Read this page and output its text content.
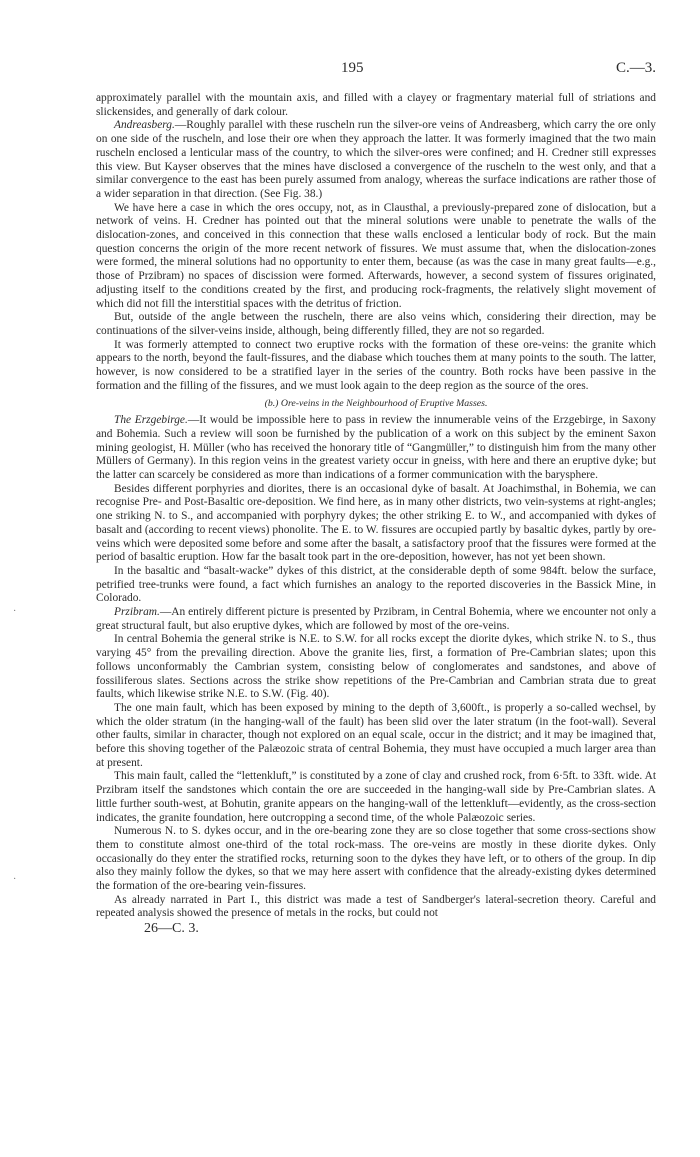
195	C.—3.

approximately parallel with the mountain axis, and filled with a clayey or fragmentary material full of striations and slickensides, and generally of dark colour.

Andreasberg.—Roughly parallel with these ruscheln run the silver-ore veins of Andreasberg, which carry the ore only on one side of the ruscheln, and lose their ore when they approach the latter. It was formerly imagined that the two main ruscheln enclosed a lenticular mass of the country, to which the silver-ores were confined; and H. Credner still expresses this view. But Kayser observes that the mines have disclosed a convergence of the ruscheln to the west only, and that a similar convergence to the east has been purely assumed from analogy, whereas the surface indications are rather those of a wider separation in that direction. (See Fig. 38.)

We have here a case in which the ores occupy, not, as in Clausthal, a previously-prepared zone of dislocation, but a network of veins. H. Credner has pointed out that the mineral solutions were unable to penetrate the walls of the dislocation-zones, and conceived in this connection that these walls enclosed a lenticular body of rock. But the main question concerns the origin of the more recent network of fissures. We must assume that, when the dislocation-zones were formed, the mineral solutions had no opportunity to enter them, because (as was the case in many great faults—e.g., those of Przibram) no spaces of discission were formed. Afterwards, however, a second system of fissures originated, adjusting itself to the conditions created by the first, and producing rock-fragments, the relatively slight movement of which did not fill the interstitial spaces with the detritus of friction.

But, outside of the angle between the ruscheln, there are also veins which, considering their direction, may be continuations of the silver-veins inside, although, being differently filled, they are not so regarded.

It was formerly attempted to connect two eruptive rocks with the formation of these ore-veins: the granite which appears to the north, beyond the fault-fissures, and the diabase which touches them at many points to the south. The latter, however, is now considered to be a stratified layer in the series of the country. Both rocks have been passive in the formation and the filling of the fissures, and we must look again to the deep region as the source of the ores.

(b.) Ore-veins in the Neighbourhood of Eruptive Masses.

The Erzgebirge.—It would be impossible here to pass in review the innumerable veins of the Erzgebirge, in Saxony and Bohemia. Such a review will soon be furnished by the publication of a work on this subject by the eminent Saxon mining geologist, H. Müller (who has received the honorary title of “Gangmüller,” to distinguish him from the many other Müllers of Germany). In this region veins in the greatest variety occur in gneiss, with here and there an eruptive dyke; but the latter can scarcely be considered as more than indications of a former communication with the barysphere.

Besides different porphyries and diorites, there is an occasional dyke of basalt. At Joachimsthal, in Bohemia, we can recognise Pre- and Post-Basaltic ore-deposition. We find here, as in many other districts, two vein-systems at right-angles; one striking N. to S., and accompanied with porphyry dykes; the other striking E. to W., and accompanied with dykes of basalt and (according to recent views) phonolite. The E. to W. fissures are occupied partly by basaltic dykes, partly by ore-veins which were deposited some before and some after the basalt, a satisfactory proof that the fissures were formed at the period of basaltic eruption. How far the basalt took part in the ore-deposition, however, has not yet been shown.

In the basaltic and “basalt-wacke” dykes of this district, at the considerable depth of some 984ft. below the surface, petrified tree-trunks were found, a fact which furnishes an analogy to the reported discoveries in the Bassick Mine, in Colorado.

Przibram.—An entirely different picture is presented by Przibram, in Central Bohemia, where we encounter not only a great structural fault, but also eruptive dykes, which are followed by most of the ore-veins.

In central Bohemia the general strike is N.E. to S.W. for all rocks except the diorite dykes, which strike N. to S., thus varying 45° from the prevailing direction. Above the granite lies, first, a formation of Pre-Cambrian slates; upon this follows unconformably the Cambrian system, consisting below of conglomerates and sandstones, and above of fossiliferous slates. Sections across the strike show repetitions of the Pre-Cambrian and Cambrian strata due to great faults, which likewise strike N.E. to S.W. (Fig. 40).

The one main fault, which has been exposed by mining to the depth of 3,600ft., is properly a so-called wechsel, by which the older stratum (in the hanging-wall of the fault) has been slid over the later stratum (in the foot-wall). Several other faults, similar in character, though not explored on an equal scale, occur in the district; and it may be imagined that, before this shoving together of the Palæozoic strata of central Bohemia, they must have occupied a much larger area than at present.

This main fault, called the “lettenkluft,” is constituted by a zone of clay and crushed rock, from 6·5ft. to 33ft. wide. At Przibram itself the sandstones which contain the ore are succeeded in the hanging-wall side by Pre-Cambrian slates. A little further south-west, at Bohutin, granite appears on the hanging-wall of the lettenkluft—evidently, as the cross-section indicates, the granite foundation, here outcropping a second time, of the whole Palæozoic series.

Numerous N. to S. dykes occur, and in the ore-bearing zone they are so close together that some cross-sections show them to constitute almost one-third of the total rock-mass. The ore-veins are mostly in these diorite dykes. Only occasionally do they enter the stratified rocks, returning soon to the dykes they have left, or to others of the group. In dip also they mainly follow the dykes, so that we may here assert with confidence that the already-existing dykes determined the formation of the ore-bearing vein-fissures.

As already narrated in Part I., this district was made a test of Sandberger's lateral-secretion theory. Careful and repeated analysis showed the presence of metals in the rocks, but could not

26—C. 3.
·
·
